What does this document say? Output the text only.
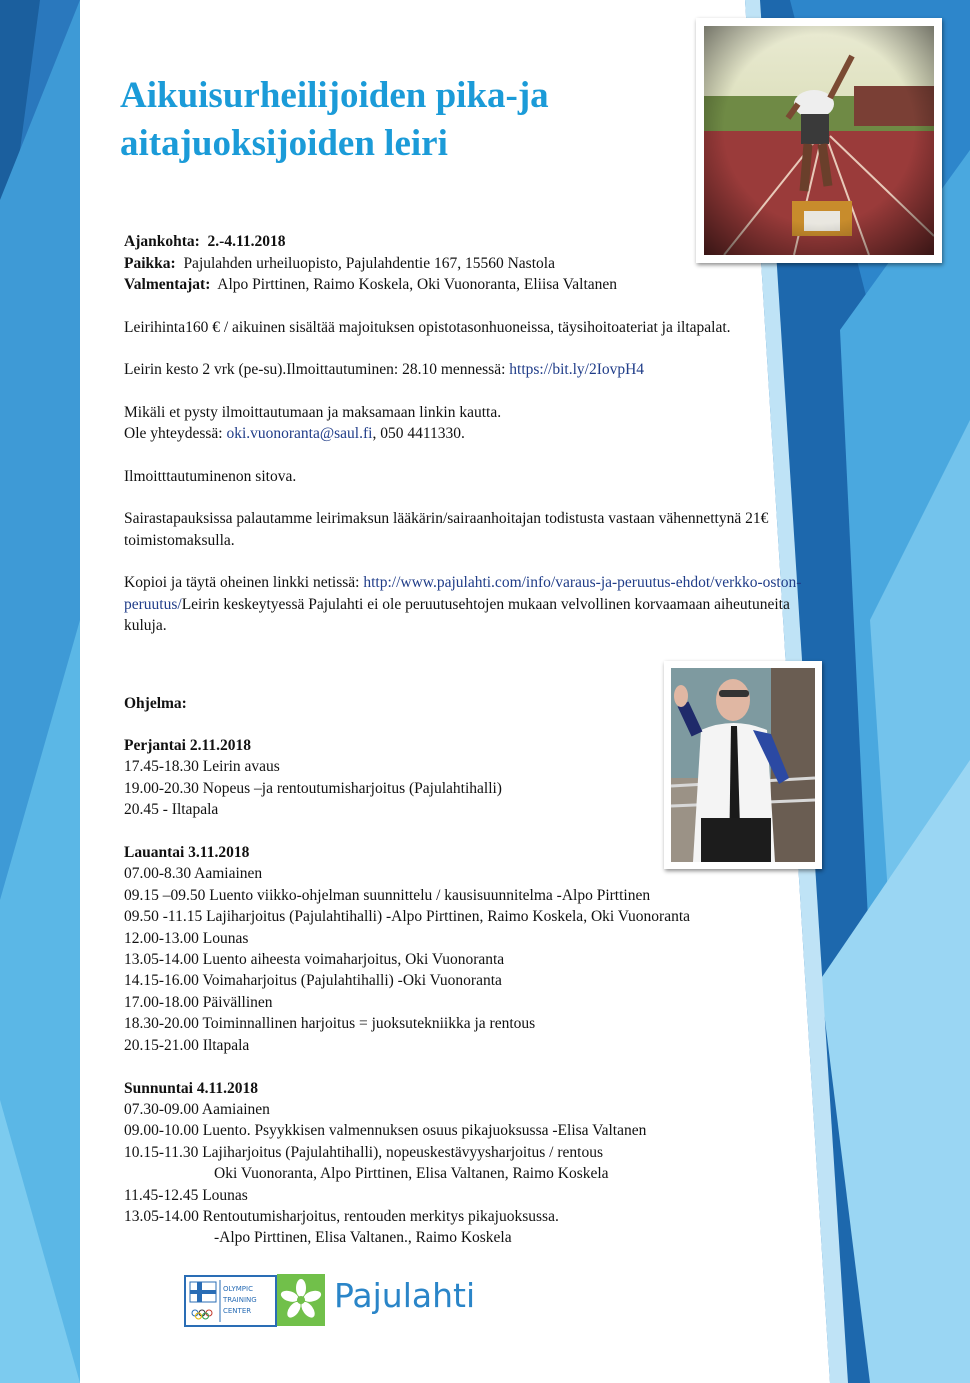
Aikuisurheilijoiden pika-ja
aitajuoksijoiden leiri

Ajankohta: 2.-4.11.2018

Paikka: Pajulahden urheiluopisto, Pajulahdentie 167, 15560 Nastola

Valmentajat: Alpo Pirttinen, Raimo Koskela, Oki Vuonoranta, Eliisa Valtanen

Leirihinta160 € / aikuinen sisältää majoituksen opistotasonhuoneissa, täysihoitoateriat ja iltapalat.

Leirin kesto 2 vrk (pe-su).Ilmoittautuminen: 28.10 mennessä: https://bit.ly/2IovpH4

Mikäli et pysty ilmoittautumaan ja maksamaan linkin kautta.

Ole yhteydessä: oki.vuonoranta@saul.fi, 050 4411330.

Ilmoitttautuminenon sitova.

Sairastapauksissa palautamme leirimaksun lääkärin/sairaanhoitajan todistusta vastaan vähennettynä 21€ toimistomaksulla.

Kopioi ja täytä oheinen linkki netissä: http://www.pajulahti.com/info/varaus-ja-peruutus-ehdot/verkko-oston-peruutus/Leirin keskeytyessä Pajulahti ei ole peruutusehtojen mukaan velvollinen korvaamaan aiheutuneita kuluja.

Ohjelma:

Perjantai 2.11.2018

17.45-18.30 Leirin avaus

19.00-20.30 Nopeus –ja rentoutumisharjoitus (Pajulahtihalli)

20.45 - Iltapala

Lauantai 3.11.2018

07.00-8.30 Aamiainen

09.15 –09.50 Luento viikko-ohjelman suunnittelu / kausisuunnitelma -Alpo Pirttinen

09.50 -11.15 Lajiharjoitus (Pajulahtihalli) -Alpo Pirttinen, Raimo Koskela, Oki Vuonoranta

12.00-13.00 Lounas

13.05-14.00 Luento aiheesta voimaharjoitus, Oki Vuonoranta

14.15-16.00 Voimaharjoitus (Pajulahtihalli) -Oki Vuonoranta

17.00-18.00 Päivällinen

18.30-20.00 Toiminnallinen harjoitus = juoksutekniikka ja rentous

20.15-21.00 Iltapala

Sunnuntai 4.11.2018

07.30-09.00 Aamiainen

09.00-10.00 Luento. Psyykkisen valmennuksen osuus pikajuoksussa -Elisa Valtanen

10.15-11.30 Lajiharjoitus (Pajulahtihalli), nopeuskestävyysharjoitus / rentous

Oki Vuonoranta, Alpo Pirttinen, Elisa Valtanen, Raimo Koskela

11.45-12.45 Lounas

13.05-14.00 Rentoutumisharjoitus, rentouden merkitys pikajuoksussa.

-Alpo Pirttinen, Elisa Valtanen., Raimo Koskela

OLYMPIC
TRAINING
CENTER	Pajulahti
